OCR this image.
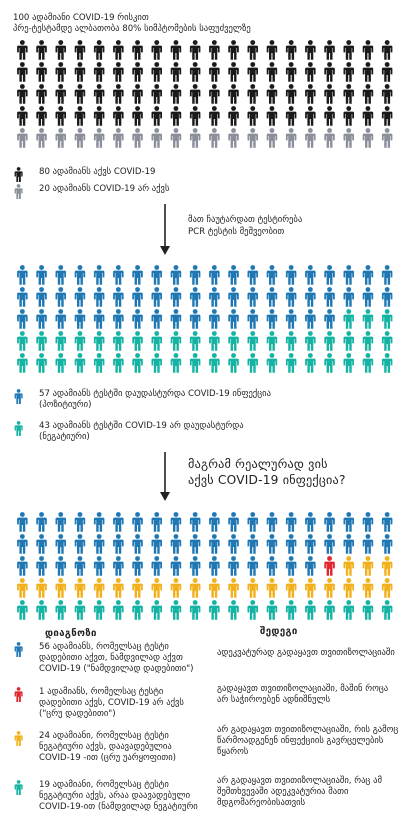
100 ადამიანი COVID-19 რისკით
პრე-ტესტამდე ალბათობა 80% სიმპტომების საფუძველზე
80 ადამიანს აქვს COVID-19
20 ადამიანს COVID-19 არ აქვს
მათ ჩაუტარდათ ტესტირება
PCR ტესტის მეშვეობით
57 ადამიანს ტესტში დაუდასტურდა COVID-19 ინფექცია (პოზიტიური)
43 ადამიანს ტესტში COVID-19 არ დაუდასტურდა (ნეგატიური)
მაგრამ რეალურად ვის
აქვს COVID-19 ინფექცია?
დიაგნოზი	შედეგი
56 ადამიანს, რომელსაც ტესტი დადებითი აქვთ, ნამდვილად აქვთ COVID-19 ("ნამდვილად დადებითი")
ადეკვატურად გადაყავთ თვითიზოლაციაში
1 ადამიანს, რომელსაც ტესტი დადებითი აქვს, COVID-19 არ აქვს ("ცრუ დადებითი")
გადაყავთ თვითიზოლაციაში, მაშინ როცა არ საჭიროებენ ადნიშნულს
24 ადამიანი, რომელსაც ტესტი ნეგატიური აქვს, დაავადებულია COVID-19 -ით (ცრუ უარყოფითი)
არ გადაყავთ თვითიზოლაციაში, რის გამოც წარმოადგენენ ინფექციის გავრცელების წყაროს
19 ადამიანი, რომელსაც ტესტი ნეგატიური აქვს, არაა დაავადებული COVID-19-ით (ნამდვილად ნეგატიური
არ გადაყავთ თვითიზოლაციაში, რაც ამ შემთხვევაში ადეკვატურია მათი მდგომარეობისათვის
